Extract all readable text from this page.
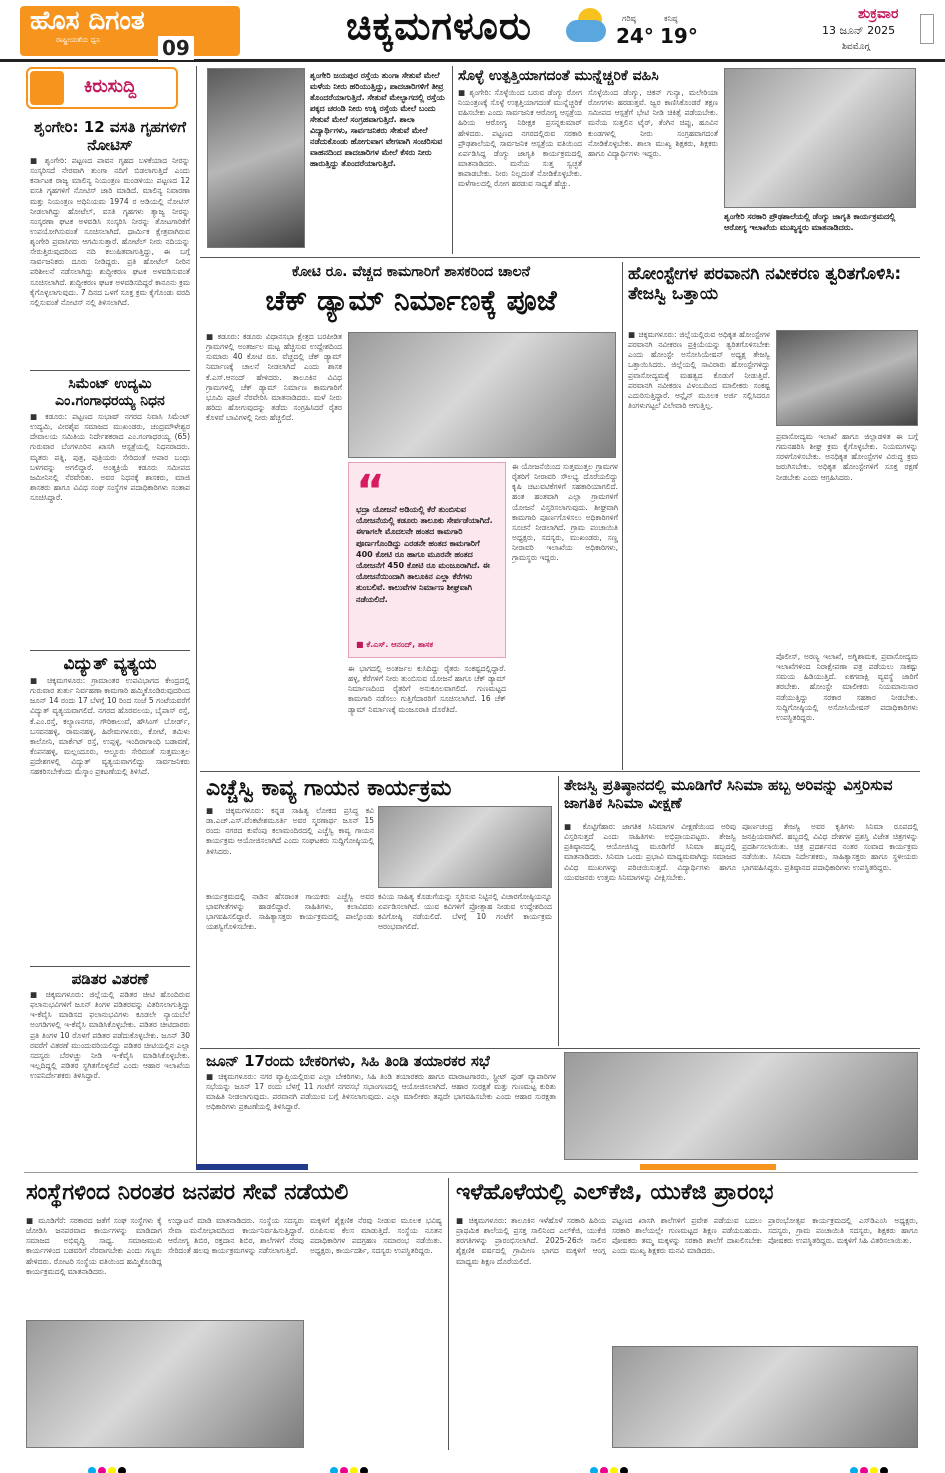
ಹೊಸ ದಿಗಂತ
ರಾಷ್ಟ್ರೀಯತೆಯ ಧ್ವನಿ	09	ಚಿಕ್ಕಮಗಳೂರು	ಗರಿಷ್ಠ
24°
ಕನಿಷ್ಠ
19°
ಶುಕ್ರವಾರ
13 ಜೂನ್ 2025
ಶಿವಮೊಗ್ಗ
ಕಿರುಸುದ್ದಿ
ಶೃಂಗೇರಿ: 12 ವಸತಿ ಗೃಹಗಳಿಗೆ ನೋಟಿಸ್
■ ಶೃಂಗೇರಿ: ಪಟ್ಟಣದ ಪಾವನ ಗೃಹದ ಬಳಕೆಯಾದ ನೀರನ್ನು ಸಂಸ್ಕರಿಸದೆ ನೇರವಾಗಿ ತುಂಗಾ ನದಿಗೆ ಬಿಡಲಾಗುತ್ತಿದೆ ಎಂದು ಕರ್ನಾಟಕ ರಾಜ್ಯ ಮಾಲಿನ್ಯ ನಿಯಂತ್ರಣ ಮಂಡಳಿಯು ಪಟ್ಟಣದ 12 ವಸತಿ ಗೃಹಗಳಿಗೆ ನೋಟಿಸ್ ಜಾರಿ ಮಾಡಿದೆ. ಮಾಲಿನ್ಯ ನಿವಾರಣಾ ಮತ್ತು ನಿಯಂತ್ರಣ ಅಧಿನಿಯಮ 1974 ರ ಅಡಿಯಲ್ಲಿ ನೋಟಿಸ್ ನೀಡಲಾಗಿದ್ದು ಹೋಟೆಲ್, ವಸತಿ ಗೃಹಗಳು ತ್ಯಾಜ್ಯ ನೀರನ್ನು ಸಂಸ್ಕರಣಾ ಘಟಕ ಅಳವಡಿಸಿ ಸಂಸ್ಕರಿಸಿ ನೀರನ್ನು ತೋಟಗಾರಿಕೆಗೆ ಉಪಯೋಗಿಸುವಂತೆ ಸೂಚಿಸಲಾಗಿದೆ. ಧಾರ್ಮಿಕ ಕ್ಷೇತ್ರವಾಗಿರುವ ಶೃಂಗೇರಿ ಪ್ರವಾಸಿಗರು ಆಗಮಿಸುತ್ತಾರೆ. ಹೋಟೆಲ್ ನೀರು ನದಿಯನ್ನು ಸೇರುತ್ತಿರುವುದರಿಂದ ನದಿ ಕಲುಷಿತವಾಗುತ್ತಿದ್ದು, ಈ ಬಗ್ಗೆ ಸಾರ್ವಜನಿಕರು ದೂರು ನೀಡಿದ್ದರು. ಪ್ರತಿ ಹೋಟೆಲ್ ನೀರಿನ ಪರಿಶೀಲನೆ ನಡೆಸಲಾಗಿದ್ದು ಶುದ್ಧೀಕರಣ ಘಟಕ ಅಳವಡಿಸುವಂತೆ ಸೂಚಿಸಲಾಗಿದೆ. ಶುದ್ಧೀಕರಣ ಘಟಕ ಅಳವಡಿಸದಿದ್ದರೆ ಕಾನೂನು ಕ್ರಮ ಕೈಗೊಳ್ಳಲಾಗುವುದು. 7 ದಿನದ ಒಳಗೆ ಸೂಕ್ತ ಕ್ರಮ ಕೈಗೊಂಡು ವರದಿ ಸಲ್ಲಿಸುವಂತೆ ನೋಟಿಸ್ ನಲ್ಲಿ ತಿಳಿಸಲಾಗಿದೆ.
ಸಿಮೆಂಟ್ ಉದ್ಯಮಿ ಎಂ.ಗಂಗಾಧರಯ್ಯ ನಿಧನ
■ ಕಡೂರು: ಪಟ್ಟಣದ ಸುಭಾಷ್ ನಗರದ ನಿವಾಸಿ ಸಿಮೆಂಟ್ ಉದ್ಯಮಿ, ವೀರಶೈವ ಸಮಾಜದ ಮುಖಂಡರು, ಚಂದ್ರಮೌಳೇಶ್ವರ ದೇವಾಲಯ ಸಮಿತಿಯ ನಿರ್ದೇಶಕರಾದ ಎಂ.ಗಂಗಾಧರಯ್ಯ (65) ಗುರುವಾರ ಬೆಂಗಳೂರಿನ ಖಾಸಗಿ ಆಸ್ಪತ್ರೆಯಲ್ಲಿ ನಿಧನರಾದರು. ಮೃತರು ಪತ್ನಿ, ಪುತ್ರ, ಪುತ್ರಿಯರು ಸೇರಿದಂತೆ ಅಪಾರ ಬಂಧು ಬಳಗವನ್ನು ಅಗಲಿದ್ದಾರೆ. ಅಂತ್ಯಕ್ರಿಯೆ ಕಡೂರು ಸಮೀಪದ ಜಮೀನಿನಲ್ಲಿ ನೆರವೇರಿತು. ಅವರ ನಿಧನಕ್ಕೆ ಶಾಸಕರು, ಮಾಜಿ ಶಾಸಕರು ಹಾಗೂ ವಿವಿಧ ಸಂಘ ಸಂಸ್ಥೆಗಳ ಪದಾಧಿಕಾರಿಗಳು ಸಂತಾಪ ಸೂಚಿಸಿದ್ದಾರೆ.
ವಿದ್ಯುತ್ ವ್ಯತ್ಯಯ
■ ಚಿಕ್ಕಮಗಳೂರು: ಗ್ರಾಮಾಂತರ ಉಪವಿಭಾಗದ ಕೇಂದ್ರದಲ್ಲಿ ಗುರುವಾರ ತುರ್ತು ನಿರ್ವಹಣಾ ಕಾಮಗಾರಿ ಹಮ್ಮಿಕೊಂಡಿರುವುದರಿಂದ ಜೂನ್ 14 ರಂದು 17 ಬೆಳಗ್ಗೆ 10 ರಿಂದ ಸಂಜೆ 5 ಗಂಟೆಯವರೆಗೆ ವಿದ್ಯುತ್ ವ್ಯತ್ಯಯವಾಗಲಿದೆ. ನಗರದ ಹೊರವಲಯ, ಬೈಪಾಸ್ ರಸ್ತೆ, ಕೆ.ಎಂ.ರಸ್ತೆ, ಕಲ್ಯಾಣನಗರ, ಗೌರಿಕಾಲುವೆ, ಹೌಸಿಂಗ್ ಬೋರ್ಡ್, ಬಸವನಹಳ್ಳಿ, ರಾಮನಹಳ್ಳಿ, ಹಿರೇಮಗಳೂರು, ಕೋಟೆ, ತಮಿಳು ಕಾಲೋನಿ, ಮಾರ್ಕೆಟ್ ರಸ್ತೆ, ಉಪ್ಪಳ್ಳಿ, ಇಂದಿರಾಗಾಂಧಿ ಬಡಾವಣೆ, ಕೆಂಪನಹಳ್ಳಿ, ಮಲ್ಲಂದೂರು, ಆಲ್ದೂರು ಸೇರಿದಂತೆ ಸುತ್ತಮುತ್ತಲ ಪ್ರದೇಶಗಳಲ್ಲಿ ವಿದ್ಯುತ್ ವ್ಯತ್ಯಯವಾಗಲಿದ್ದು ಸಾರ್ವಜನಿಕರು ಸಹಕರಿಸಬೇಕೆಂದು ಮೆಸ್ಕಾಂ ಪ್ರಕಟಣೆಯಲ್ಲಿ ತಿಳಿಸಿದೆ.
ಪಡಿತರ ವಿತರಣೆ
■ ಚಿಕ್ಕಮಗಳೂರು: ಜಿಲ್ಲೆಯಲ್ಲಿ ಪಡಿತರ ಚೀಟಿ ಹೊಂದಿರುವ ಫಲಾನುಭವಿಗಳಿಗೆ ಜೂನ್ ತಿಂಗಳ ಪಡಿತರವನ್ನು ವಿತರಿಸಲಾಗುತ್ತಿದ್ದು ಇ-ಕೆವೈಸಿ ಮಾಡಿಸದ ಫಲಾನುಭವಿಗಳು ಕೂಡಲೇ ನ್ಯಾಯಬೆಲೆ ಅಂಗಡಿಗಳಲ್ಲಿ ಇ-ಕೆವೈಸಿ ಮಾಡಿಸಿಕೊಳ್ಳಬೇಕು. ಪಡಿತರ ಚೀಟಿದಾರರು ಪ್ರತಿ ತಿಂಗಳ 10 ರೊಳಗೆ ಪಡಿತರ ಪಡೆದುಕೊಳ್ಳಬೇಕು. ಜೂನ್ 30 ರವರೆಗೆ ವಿತರಣೆ ಮುಂದುವರಿಯಲಿದ್ದು ಪಡಿತರ ಚೀಟಿಯಲ್ಲಿನ ಎಲ್ಲಾ ಸದಸ್ಯರು ಬೆರಳಚ್ಚು ನೀಡಿ ಇ-ಕೆವೈಸಿ ಮಾಡಿಸಿಕೊಳ್ಳಬೇಕು. ಇಲ್ಲದಿದ್ದಲ್ಲಿ ಪಡಿತರ ಸ್ಥಗಿತಗೊಳ್ಳಲಿದೆ ಎಂದು ಆಹಾರ ಇಲಾಖೆಯ ಉಪನಿರ್ದೇಶಕರು ತಿಳಿಸಿದ್ದಾರೆ.
ಶೃಂಗೇರಿ ಜಯಪುರ ರಸ್ತೆಯ ತುಂಗಾ ಸೇತುವೆ ಮೇಲೆ ಮಳೆಯ ನೀರು ಹರಿಯುತ್ತಿದ್ದು, ಪಾದಚಾರಿಗಳಿಗೆ ತೀವ್ರ ತೊಂದರೆಯಾಗುತ್ತಿದೆ. ಸೇತುವೆ ಮೇಲ್ಭಾಗದಲ್ಲಿ ರಸ್ತೆಯ ಪಕ್ಕದ ಚರಂಡಿ ನೀರು ಉಕ್ಕಿ ರಸ್ತೆಯ ಮೇಲೆ ಬಂದು ಸೇತುವೆ ಮೇಲೆ ಸಂಗ್ರಹವಾಗುತ್ತಿದೆ. ಶಾಲಾ ವಿದ್ಯಾರ್ಥಿಗಳು, ಸಾರ್ವಜನಿಕರು ಸೇತುವೆ ಮೇಲೆ ನಡೆದುಕೊಂಡು ಹೋಗುವಾಗ ವೇಗವಾಗಿ ಸಂಚರಿಸುವ ವಾಹನದಿಂದ ಪಾದಚಾರಿಗಳ ಮೇಲೆ ಕೆಸರು ನೀರು ಹಾರುತ್ತಿದ್ದು ತೊಂದರೆಯಾಗುತ್ತಿದೆ.
ಸೊಳ್ಳೆ ಉತ್ಪತ್ತಿಯಾಗದಂತೆ ಮುನ್ನೆಚ್ಚರಿಕೆ ವಹಿಸಿ
■ ಶೃಂಗೇರಿ: ಸೊಳ್ಳೆಯಿಂದ ಬರುವ ಡೆಂಗ್ಯು ರೋಗ ನಿಯಂತ್ರಣಕ್ಕೆ ಸೊಳ್ಳೆ ಉತ್ಪತ್ತಿಯಾಗದಂತೆ ಮುನ್ನೆಚ್ಚರಿಕೆ ವಹಿಸಬೇಕು ಎಂದು ಸಾರ್ವಜನಿಕ ಆರೋಗ್ಯ ಆಸ್ಪತ್ರೆಯ ಹಿರಿಯ ಆರೋಗ್ಯ ನಿರೀಕ್ಷಕ ಪ್ರಸನ್ನಕುಮಾರ್ ಹೇಳಿದರು. ಪಟ್ಟಣದ ನಗರದಲ್ಲಿರುವ ಸರಕಾರಿ ಪ್ರೌಢಶಾಲೆಯಲ್ಲಿ ಸಾರ್ವಜನಿಕ ಆಸ್ಪತ್ರೆಯ ವತಿಯಿಂದ ಏರ್ಪಡಿಸಿದ್ದ ಡೆಂಗ್ಯು ಜಾಗೃತಿ ಕಾರ್ಯಕ್ರಮದಲ್ಲಿ ಮಾತನಾಡಿದರು. ಮನೆಯ ಸುತ್ತ ಸ್ವಚ್ಛತೆ ಕಾಪಾಡಬೇಕು. ನೀರು ನಿಲ್ಲದಂತೆ ನೋಡಿಕೊಳ್ಳಬೇಕು. ಮಳೆಗಾಲದಲ್ಲಿ ರೋಗ ಹರಡುವ ಸಾಧ್ಯತೆ ಹೆಚ್ಚು.
ಸೊಳ್ಳೆಯಿಂದ ಡೆಂಗ್ಯು, ಚಿಕನ್ ಗುನ್ಯಾ, ಮಲೇರಿಯಾ ರೋಗಗಳು ಹರಡುತ್ತವೆ. ಜ್ವರ ಕಾಣಿಸಿಕೊಂಡರೆ ತಕ್ಷಣ ಸಮೀಪದ ಆಸ್ಪತ್ರೆಗೆ ಭೇಟಿ ನೀಡಿ ಚಿಕಿತ್ಸೆ ಪಡೆಯಬೇಕು. ಮನೆಯ ಸುತ್ತಲಿನ ಟೈರ್, ತೆಂಗಿನ ಚಿಪ್ಪು, ಹೂವಿನ ಕುಂಡಗಳಲ್ಲಿ ನೀರು ಸಂಗ್ರಹವಾಗದಂತೆ ನೋಡಿಕೊಳ್ಳಬೇಕು. ಶಾಲಾ ಮುಖ್ಯ ಶಿಕ್ಷಕರು, ಶಿಕ್ಷಕರು ಹಾಗೂ ವಿದ್ಯಾರ್ಥಿಗಳು ಇದ್ದರು.
ಶೃಂಗೇರಿ ಸರಕಾರಿ ಪ್ರೌಢಶಾಲೆಯಲ್ಲಿ ಡೆಂಗ್ಯು ಜಾಗೃತಿ ಕಾರ್ಯಕ್ರಮದಲ್ಲಿ ಆರೋಗ್ಯ ಇಲಾಖೆಯ ಮುಖ್ಯಸ್ಥರು ಮಾತನಾಡಿದರು.
ಕೋಟಿ ರೂ. ವೆಚ್ಚದ ಕಾಮಗಾರಿಗೆ ಶಾಸಕರಿಂದ ಚಾಲನೆ
ಚೆಕ್ ಡ್ಯಾಮ್ ನಿರ್ಮಾಣಕ್ಕೆ ಪೂಜೆ
■ ಕಡೂರು: ಕಡೂರು ವಿಧಾನಸಭಾ ಕ್ಷೇತ್ರದ ಬರಪೀಡಿತ ಗ್ರಾಮಗಳಲ್ಲಿ ಅಂತರ್ಜಲ ಮಟ್ಟ ಹೆಚ್ಚಿಸುವ ಉದ್ದೇಶದಿಂದ ಸುಮಾರು 40 ಕೋಟಿ ರೂ. ವೆಚ್ಚದಲ್ಲಿ ಚೆಕ್ ಡ್ಯಾಮ್ ನಿರ್ಮಾಣಕ್ಕೆ ಚಾಲನೆ ನೀಡಲಾಗಿದೆ ಎಂದು ಶಾಸಕ ಕೆ.ಎಸ್.ಆನಂದ್ ಹೇಳಿದರು. ತಾಲೂಕಿನ ವಿವಿಧ ಗ್ರಾಮಗಳಲ್ಲಿ ಚೆಕ್ ಡ್ಯಾಮ್ ನಿರ್ಮಾಣ ಕಾಮಗಾರಿಗೆ ಭೂಮಿ ಪೂಜೆ ನೆರವೇರಿಸಿ ಮಾತನಾಡಿದರು. ಮಳೆ ನೀರು ಹರಿದು ಹೋಗುವುದನ್ನು ತಡೆದು ಸಂಗ್ರಹಿಸಿದರೆ ರೈತರ ಕೊಳವೆ ಬಾವಿಗಳಲ್ಲಿ ನೀರು ಹೆಚ್ಚಲಿದೆ.
“
ಭದ್ರಾ ಯೋಜನೆ ಅಡಿಯಲ್ಲಿ ಕೆರೆ ತುಂಬಿಸುವ ಯೋಜನೆಯಲ್ಲಿ ಕಡೂರು ತಾಲೂಕು ಸೇರ್ಪಡೆಯಾಗಿದೆ. ಈಗಾಗಲೇ ಮೊದಲನೇ ಹಂತದ ಕಾಮಗಾರಿ ಪೂರ್ಣಗೊಂಡಿದ್ದು ಎರಡನೇ ಹಂತದ ಕಾಮಗಾರಿಗೆ 400 ಕೋಟಿ ರೂ ಹಾಗೂ ಮೂರನೇ ಹಂತದ ಯೋಜನೆಗೆ 450 ಕೋಟಿ ರೂ ಮಂಜೂರಾಗಿದೆ. ಈ ಯೋಜನೆಯಿಂದಾಗಿ ತಾಲೂಕಿನ ಎಲ್ಲಾ ಕೆರೆಗಳು ತುಂಬಲಿವೆ. ಕಾಲುವೆಗಳ ನಿರ್ಮಾಣ ಶೀಘ್ರವಾಗಿ ನಡೆಯಲಿದೆ.
■ ಕೆ.ಎಸ್. ಆನಂದ್, ಶಾಸಕ
ಈ ಭಾಗದಲ್ಲಿ ಅಂತರ್ಜಲ ಕುಸಿದಿದ್ದು ರೈತರು ಸಂಕಷ್ಟದಲ್ಲಿದ್ದಾರೆ. ಹಳ್ಳ, ಕೆರೆಗಳಿಗೆ ನೀರು ತುಂಬಿಸುವ ಯೋಜನೆ ಹಾಗೂ ಚೆಕ್ ಡ್ಯಾಮ್ ನಿರ್ಮಾಣದಿಂದ ರೈತರಿಗೆ ಅನುಕೂಲವಾಗಲಿದೆ. ಗುಣಮಟ್ಟದ ಕಾಮಗಾರಿ ನಡೆಸಲು ಗುತ್ತಿಗೆದಾರರಿಗೆ ಸೂಚಿಸಲಾಗಿದೆ. 16 ಚೆಕ್ ಡ್ಯಾಮ್ ನಿರ್ಮಾಣಕ್ಕೆ ಮಂಜೂರಾತಿ ದೊರೆತಿದೆ.
ಈ ಯೋಜನೆಯಿಂದ ಸುತ್ತಮುತ್ತಲ ಗ್ರಾಮಗಳ ರೈತರಿಗೆ ನೀರಾವರಿ ಸೌಲಭ್ಯ ದೊರೆಯಲಿದ್ದು ಕೃಷಿ ಚಟುವಟಿಕೆಗಳಿಗೆ ಸಹಕಾರಿಯಾಗಲಿದೆ. ಹಂತ ಹಂತವಾಗಿ ಎಲ್ಲಾ ಗ್ರಾಮಗಳಿಗೆ ಯೋಜನೆ ವಿಸ್ತರಿಸಲಾಗುವುದು. ಶೀಘ್ರವಾಗಿ ಕಾಮಗಾರಿ ಪೂರ್ಣಗೊಳಿಸಲು ಅಧಿಕಾರಿಗಳಿಗೆ ಸೂಚನೆ ನೀಡಲಾಗಿದೆ. ಗ್ರಾಮ ಪಂಚಾಯಿತಿ ಅಧ್ಯಕ್ಷರು, ಸದಸ್ಯರು, ಮುಖಂಡರು, ಸಣ್ಣ ನೀರಾವರಿ ಇಲಾಖೆಯ ಅಧಿಕಾರಿಗಳು, ಗ್ರಾಮಸ್ಥರು ಇದ್ದರು.
ಹೋಂಸ್ಟೇಗಳ ಪರವಾನಗಿ ನವೀಕರಣ ತ್ವರಿತಗೊಳಿಸಿ: ತೇಜಸ್ವಿ ಒತ್ತಾಯ
■ ಚಿಕ್ಕಮಗಳೂರು: ಜಿಲ್ಲೆಯಲ್ಲಿರುವ ಅಧಿಕೃತ ಹೋಂಸ್ಟೇಗಳ ಪರವಾನಗಿ ನವೀಕರಣ ಪ್ರಕ್ರಿಯೆಯನ್ನು ತ್ವರಿತಗೊಳಿಸಬೇಕು ಎಂದು ಹೋಂಸ್ಟೇ ಅಸೋಸಿಯೇಷನ್ ಅಧ್ಯಕ್ಷ ತೇಜಸ್ವಿ ಒತ್ತಾಯಿಸಿದರು. ಜಿಲ್ಲೆಯಲ್ಲಿ ಸಾವಿರಾರು ಹೋಂಸ್ಟೇಗಳಿದ್ದು ಪ್ರವಾಸೋದ್ಯಮಕ್ಕೆ ಮಹತ್ವದ ಕೊಡುಗೆ ನೀಡುತ್ತಿವೆ. ಪರವಾನಗಿ ನವೀಕರಣ ವಿಳಂಬದಿಂದ ಮಾಲೀಕರು ಸಂಕಷ್ಟ ಎದುರಿಸುತ್ತಿದ್ದಾರೆ. ಆನ್ಲೈನ್ ಮೂಲಕ ಅರ್ಜಿ ಸಲ್ಲಿಸಿದರೂ ತಿಂಗಳುಗಟ್ಟಲೆ ವಿಲೇವಾರಿ ಆಗುತ್ತಿಲ್ಲ.
ಪ್ರವಾಸೋದ್ಯಮ ಇಲಾಖೆ ಹಾಗೂ ಜಿಲ್ಲಾಡಳಿತ ಈ ಬಗ್ಗೆ ಗಮನಹರಿಸಿ ಶೀಘ್ರ ಕ್ರಮ ಕೈಗೊಳ್ಳಬೇಕು. ನಿಯಮಗಳನ್ನು ಸರಳಗೊಳಿಸಬೇಕು. ಅನಧಿಕೃತ ಹೋಂಸ್ಟೇಗಳ ವಿರುದ್ಧ ಕ್ರಮ ಜರುಗಿಸಬೇಕು. ಅಧಿಕೃತ ಹೋಂಸ್ಟೇಗಳಿಗೆ ಸೂಕ್ತ ರಕ್ಷಣೆ ನೀಡಬೇಕು ಎಂದು ಆಗ್ರಹಿಸಿದರು.
ಪೊಲೀಸ್, ಅರಣ್ಯ ಇಲಾಖೆ, ಅಗ್ನಿಶಾಮಕ, ಪ್ರವಾಸೋದ್ಯಮ ಇಲಾಖೆಗಳಿಂದ ನಿರಾಕ್ಷೇಪಣಾ ಪತ್ರ ಪಡೆಯಲು ಸಾಕಷ್ಟು ಸಮಯ ಹಿಡಿಯುತ್ತಿದೆ. ಏಕಗವಾಕ್ಷಿ ವ್ಯವಸ್ಥೆ ಜಾರಿಗೆ ತರಬೇಕು. ಹೋಂಸ್ಟೇ ಮಾಲೀಕರು ನಿಯಮಾನುಸಾರ ನಡೆಯುತ್ತಿದ್ದು ಸರಕಾರ ಸಹಕಾರ ನೀಡಬೇಕು. ಸುದ್ದಿಗೋಷ್ಠಿಯಲ್ಲಿ ಅಸೋಸಿಯೇಷನ್ ಪದಾಧಿಕಾರಿಗಳು ಉಪಸ್ಥಿತರಿದ್ದರು.
ಎಚ್ಚೆಸ್ವಿ ಕಾವ್ಯ ಗಾಯನ ಕಾರ್ಯಕ್ರಮ
■ ಚಿಕ್ಕಮಗಳೂರು: ಕನ್ನಡ ಸಾಹಿತ್ಯ ಲೋಕದ ಪ್ರಸಿದ್ಧ ಕವಿ ಡಾ.ಎಚ್.ಎಸ್.ವೆಂಕಟೇಶಮೂರ್ತಿ ಅವರ ಸ್ಮರಣಾರ್ಥ ಜೂನ್ 15 ರಂದು ನಗರದ ಕುವೆಂಪು ಕಲಾಮಂದಿರದಲ್ಲಿ ಎಚ್ಚೆಸ್ವಿ ಕಾವ್ಯ ಗಾಯನ ಕಾರ್ಯಕ್ರಮ ಆಯೋಜಿಸಲಾಗಿದೆ ಎಂದು ಸಂಘಟಕರು ಸುದ್ದಿಗೋಷ್ಠಿಯಲ್ಲಿ ತಿಳಿಸಿದರು.
ಕಾರ್ಯಕ್ರಮದಲ್ಲಿ ನಾಡಿನ ಹೆಸರಾಂತ ಗಾಯಕರು ಎಚ್ಚೆಸ್ವಿ ಅವರ ಭಾವಗೀತೆಗಳನ್ನು ಹಾಡಲಿದ್ದಾರೆ. ಸಾಹಿತಿಗಳು, ಕಲಾವಿದರು ಭಾಗವಹಿಸಲಿದ್ದಾರೆ. ಸಾಹಿತ್ಯಾಸಕ್ತರು ಕಾರ್ಯಕ್ರಮದಲ್ಲಿ ಪಾಲ್ಗೊಂಡು ಯಶಸ್ವಿಗೊಳಿಸಬೇಕು.
ಕವಿಯ ಸಾಹಿತ್ಯ ಕೊಡುಗೆಯನ್ನು ಸ್ಮರಿಸುವ ನಿಟ್ಟಿನಲ್ಲಿ ವಿಚಾರಗೋಷ್ಠಿಯನ್ನೂ ಏರ್ಪಡಿಸಲಾಗಿದೆ. ಯುವ ಕವಿಗಳಿಗೆ ಪ್ರೋತ್ಸಾಹ ನೀಡುವ ಉದ್ದೇಶದಿಂದ ಕವಿಗೋಷ್ಠಿ ನಡೆಯಲಿದೆ. ಬೆಳಗ್ಗೆ 10 ಗಂಟೆಗೆ ಕಾರ್ಯಕ್ರಮ ಆರಂಭವಾಗಲಿದೆ.
ತೇಜಸ್ವಿ ಪ್ರತಿಷ್ಠಾನದಲ್ಲಿ ಮೂಡಿಗೆರೆ ಸಿನಿಮಾ ಹಬ್ಬ ಅರಿವನ್ನು ವಿಸ್ತರಿಸುವ ಜಾಗತಿಕ ಸಿನಿಮಾ ವೀಕ್ಷಣೆ
■ ಕೊಟ್ಟಿಗೆಹಾರ: ಜಾಗತಿಕ ಸಿನಿಮಾಗಳ ವೀಕ್ಷಣೆಯಿಂದ ಅರಿವು ವಿಸ್ತರಿಸುತ್ತದೆ ಎಂದು ಸಾಹಿತಿಗಳು ಅಭಿಪ್ರಾಯಪಟ್ಟರು. ತೇಜಸ್ವಿ ಪ್ರತಿಷ್ಠಾನದಲ್ಲಿ ಆಯೋಜಿಸಿದ್ದ ಮೂಡಿಗೆರೆ ಸಿನಿಮಾ ಹಬ್ಬದಲ್ಲಿ ಮಾತನಾಡಿದರು. ಸಿನಿಮಾ ಒಂದು ಪ್ರಭಾವಿ ಮಾಧ್ಯಮವಾಗಿದ್ದು ಸಮಾಜದ ವಿವಿಧ ಮುಖಗಳನ್ನು ಪರಿಚಯಿಸುತ್ತದೆ. ವಿದ್ಯಾರ್ಥಿಗಳು ಹಾಗೂ ಯುವಜನರು ಉತ್ತಮ ಸಿನಿಮಾಗಳನ್ನು ವೀಕ್ಷಿಸಬೇಕು.
ಪೂರ್ಣಚಂದ್ರ ತೇಜಸ್ವಿ ಅವರ ಕೃತಿಗಳು ಸಿನಿಮಾ ರೂಪದಲ್ಲಿ ಜನಪ್ರಿಯವಾಗಿವೆ. ಹಬ್ಬದಲ್ಲಿ ವಿವಿಧ ದೇಶಗಳ ಪ್ರಶಸ್ತಿ ವಿಜೇತ ಚಿತ್ರಗಳನ್ನು ಪ್ರದರ್ಶಿಸಲಾಯಿತು. ಚಿತ್ರ ಪ್ರದರ್ಶನದ ನಂತರ ಸಂವಾದ ಕಾರ್ಯಕ್ರಮ ನಡೆಯಿತು. ಸಿನಿಮಾ ನಿರ್ದೇಶಕರು, ಸಾಹಿತ್ಯಾಸಕ್ತರು ಹಾಗೂ ಸ್ಥಳೀಯರು ಭಾಗವಹಿಸಿದ್ದರು. ಪ್ರತಿಷ್ಠಾನದ ಪದಾಧಿಕಾರಿಗಳು ಉಪಸ್ಥಿತರಿದ್ದರು.
ಜೂನ್ 17ರಂದು ಬೇಕರಿಗಳು, ಸಿಹಿ ತಿಂಡಿ ತಯಾರಕರ ಸಭೆ
■ ಚಿಕ್ಕಮಗಳೂರು: ನಗರ ವ್ಯಾಪ್ತಿಯಲ್ಲಿರುವ ಎಲ್ಲಾ ಬೇಕರಿಗಳು, ಸಿಹಿ ತಿಂಡಿ ತಯಾರಕರು ಹಾಗೂ ಮಾರಾಟಗಾರರು, ಸ್ಟ್ರೀಟ್ ಫುಡ್ ವ್ಯಾಪಾರಿಗಳ ಸಭೆಯನ್ನು ಜೂನ್ 17 ರಂದು ಬೆಳಗ್ಗೆ 11 ಗಂಟೆಗೆ ನಗರಸಭೆ ಸಭಾಂಗಣದಲ್ಲಿ ಆಯೋಜಿಸಲಾಗಿದೆ. ಆಹಾರ ಸುರಕ್ಷತೆ ಮತ್ತು ಗುಣಮಟ್ಟ ಕುರಿತು ಮಾಹಿತಿ ನೀಡಲಾಗುವುದು. ಪರವಾನಗಿ ಪಡೆಯುವ ಬಗ್ಗೆ ತಿಳಿಸಲಾಗುವುದು. ಎಲ್ಲಾ ಮಾಲೀಕರು ತಪ್ಪದೇ ಭಾಗವಹಿಸಬೇಕು ಎಂದು ಆಹಾರ ಸುರಕ್ಷತಾ ಅಧಿಕಾರಿಗಳು ಪ್ರಕಟಣೆಯಲ್ಲಿ ತಿಳಿಸಿದ್ದಾರೆ.
ಸಂಸ್ಥೆಗಳಿಂದ ನಿರಂತರ ಜನಪರ ಸೇವೆ ನಡೆಯಲಿ
■ ಮೂಡಿಗೆರೆ: ಸರಕಾರದ ಜತೆಗೆ ಸಂಘ ಸಂಸ್ಥೆಗಳು ಕೈ ಜೋಡಿಸಿ ಜನಪರವಾದ ಕಾರ್ಯಗಳನ್ನು ಮಾಡಿದಾಗ ಸಮಾಜದ ಅಭಿವೃದ್ಧಿ ಸಾಧ್ಯ. ಸಮಾಜಮುಖಿ ಕಾರ್ಯಗಳಿಂದ ಬಡವರಿಗೆ ನೆರವಾಗಬೇಕು ಎಂದು ಗಣ್ಯರು ಹೇಳಿದರು. ರೋಟರಿ ಸಂಸ್ಥೆಯ ವತಿಯಿಂದ ಹಮ್ಮಿಕೊಂಡಿದ್ದ ಕಾರ್ಯಕ್ರಮದಲ್ಲಿ ಮಾತನಾಡಿದರು.
ಉದ್ಘಾಟನೆ ಮಾಡಿ ಮಾತನಾಡಿದರು. ಸಂಸ್ಥೆಯ ಸದಸ್ಯರು ಸೇವಾ ಮನೋಭಾವದಿಂದ ಕಾರ್ಯನಿರ್ವಹಿಸುತ್ತಿದ್ದಾರೆ. ಆರೋಗ್ಯ ಶಿಬಿರ, ರಕ್ತದಾನ ಶಿಬಿರ, ಶಾಲೆಗಳಿಗೆ ನೆರವು ಸೇರಿದಂತೆ ಹಲವು ಕಾರ್ಯಕ್ರಮಗಳನ್ನು ನಡೆಸಲಾಗುತ್ತಿದೆ.
ಮಕ್ಕಳಿಗೆ ಶೈಕ್ಷಣಿಕ ನೆರವು ನೀಡುವ ಮೂಲಕ ಭವಿಷ್ಯ ರೂಪಿಸುವ ಕೆಲಸ ಮಾಡುತ್ತಿದೆ. ಸಂಸ್ಥೆಯ ನೂತನ ಪದಾಧಿಕಾರಿಗಳ ಪದಗ್ರಹಣ ಸಮಾರಂಭ ನಡೆಯಿತು. ಅಧ್ಯಕ್ಷರು, ಕಾರ್ಯದರ್ಶಿ, ಸದಸ್ಯರು ಉಪಸ್ಥಿತರಿದ್ದರು.
ಇಳೆಹೊಳೆಯಲ್ಲಿ ಎಲ್‌ಕೆಜಿ, ಯುಕೆಜಿ ಪ್ರಾರಂಭ
■ ಚಿಕ್ಕಮಗಳೂರು: ತಾಲೂಕಿನ ಇಳೆಹೊಳೆ ಸರಕಾರಿ ಹಿರಿಯ ಪ್ರಾಥಮಿಕ ಶಾಲೆಯಲ್ಲಿ ಪ್ರಸಕ್ತ ಸಾಲಿನಿಂದ ಎಲ್‌ಕೆಜಿ, ಯುಕೆಜಿ ತರಗತಿಗಳನ್ನು ಪ್ರಾರಂಭಿಸಲಾಗಿದೆ. 2025-26ನೇ ಸಾಲಿನ ಶೈಕ್ಷಣಿಕ ವರ್ಷದಲ್ಲಿ ಗ್ರಾಮೀಣ ಭಾಗದ ಮಕ್ಕಳಿಗೆ ಆಂಗ್ಲ ಮಾಧ್ಯಮ ಶಿಕ್ಷಣ ದೊರೆಯಲಿದೆ.
ಪಟ್ಟಣದ ಖಾಸಗಿ ಶಾಲೆಗಳಿಗೆ ಪ್ರವೇಶ ಪಡೆಯುವ ಬದಲು ಸರಕಾರಿ ಶಾಲೆಯಲ್ಲೇ ಗುಣಮಟ್ಟದ ಶಿಕ್ಷಣ ಪಡೆಯಬಹುದು. ಪೋಷಕರು ತಮ್ಮ ಮಕ್ಕಳನ್ನು ಸರಕಾರಿ ಶಾಲೆಗೆ ದಾಖಲಿಸಬೇಕು ಎಂದು ಮುಖ್ಯ ಶಿಕ್ಷಕರು ಮನವಿ ಮಾಡಿದರು.
ಪ್ರಾರಂಭೋತ್ಸವ ಕಾರ್ಯಕ್ರಮದಲ್ಲಿ ಎಸ್‌ಡಿಎಂಸಿ ಅಧ್ಯಕ್ಷರು, ಸದಸ್ಯರು, ಗ್ರಾಮ ಪಂಚಾಯಿತಿ ಸದಸ್ಯರು, ಶಿಕ್ಷಕರು ಹಾಗೂ ಪೋಷಕರು ಉಪಸ್ಥಿತರಿದ್ದರು. ಮಕ್ಕಳಿಗೆ ಸಿಹಿ ವಿತರಿಸಲಾಯಿತು.
